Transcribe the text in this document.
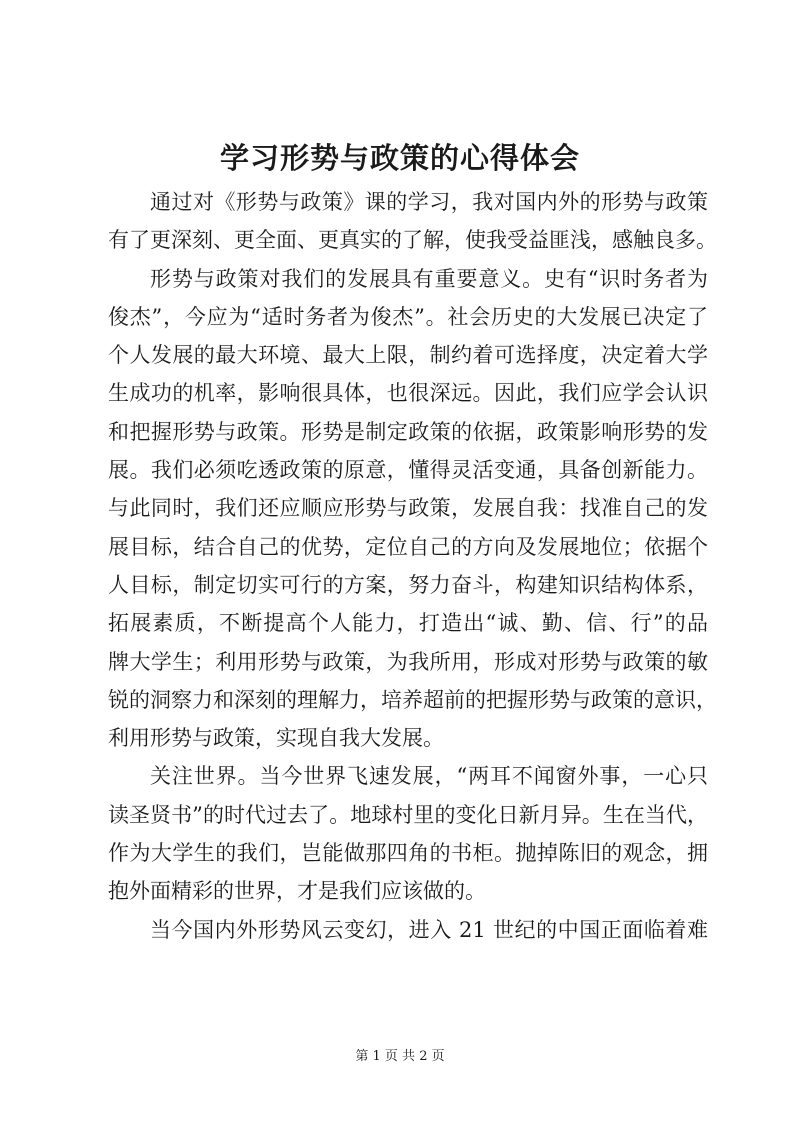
学习形势与政策的心得体会
通过对《形势与政策》课的学习，我对国内外的形势与政策
有了更深刻、更全面、更真实的了解，使我受益匪浅，感触良多。
形势与政策对我们的发展具有重要意义。史有“识时务者为
俊杰”，今应为“适时务者为俊杰”。社会历史的大发展已决定了
个人发展的最大环境、最大上限，制约着可选择度，决定着大学
生成功的机率，影响很具体，也很深远。因此，我们应学会认识
和把握形势与政策。形势是制定政策的依据，政策影响形势的发
展。我们必须吃透政策的原意，懂得灵活变通，具备创新能力。
与此同时，我们还应顺应形势与政策，发展自我：找准自己的发
展目标，结合自己的优势，定位自己的方向及发展地位；依据个
人目标，制定切实可行的方案，努力奋斗，构建知识结构体系，
拓展素质，不断提高个人能力，打造出“诚、勤、信、行”的品
牌大学生；利用形势与政策，为我所用，形成对形势与政策的敏
锐的洞察力和深刻的理解力，培养超前的把握形势与政策的意识，
利用形势与政策，实现自我大发展。
关注世界。当今世界飞速发展，“两耳不闻窗外事，一心只
读圣贤书”的时代过去了。地球村里的变化日新月异。生在当代，
作为大学生的我们，岂能做那四角的书柜。抛掉陈旧的观念，拥
抱外面精彩的世界，才是我们应该做的。
当今国内外形势风云变幻，进入 21 世纪的中国正面临着难
第 1 页 共 2 页
